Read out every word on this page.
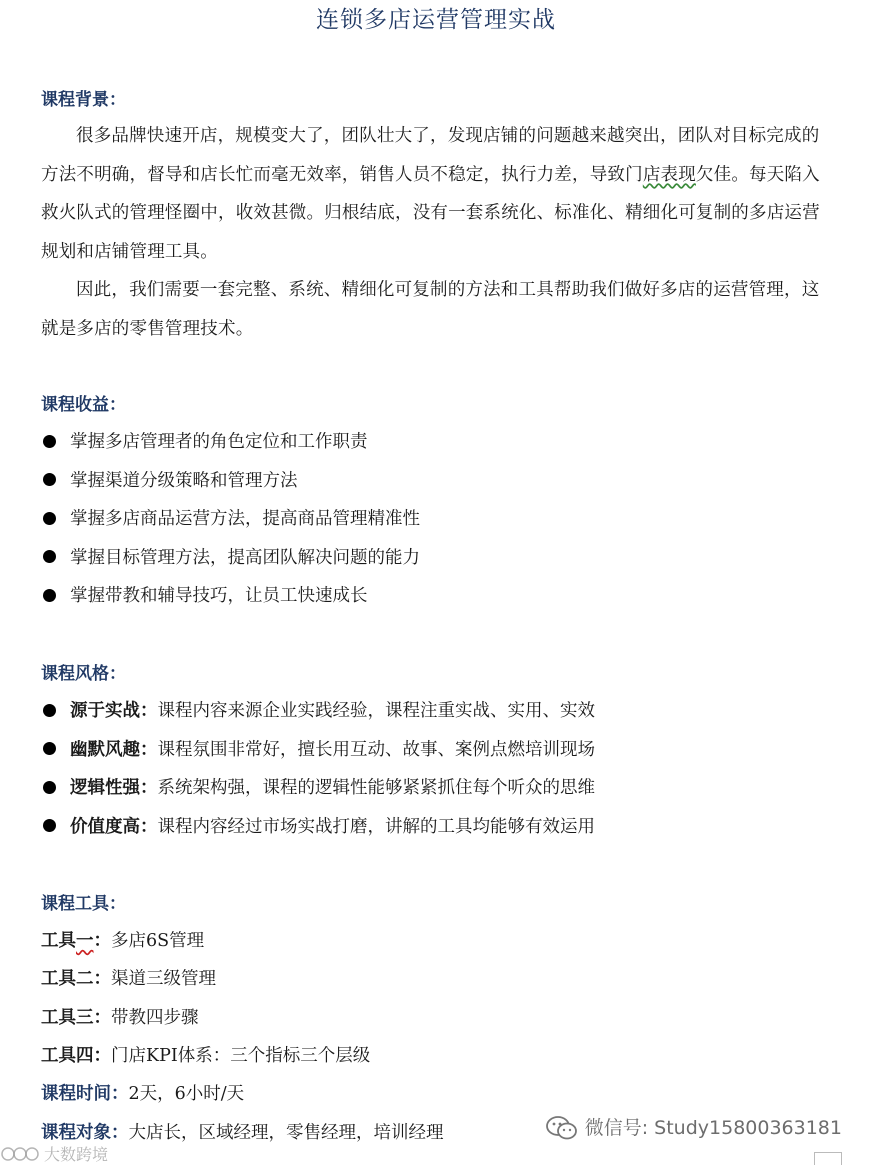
连锁多店运营管理实战
课程背景：

很多品牌快速开店，规模变大了，团队壮大了，发现店铺的问题越来越突出，团队对目标完成的方法不明确，督导和店长忙而毫无效率，销售人员不稳定，执行力差，导致门店表现欠佳。每天陷入救火队式的管理怪圈中，收效甚微。归根结底，没有一套系统化、标准化、精细化可复制的多店运营规划和店铺管理工具。

因此，我们需要一套完整、系统、精细化可复制的方法和工具帮助我们做好多店的运营管理，这就是多店的零售管理技术。

课程收益：
掌握多店管理者的角色定位和工作职责
掌握渠道分级策略和管理方法
掌握多店商品运营方法，提高商品管理精准性
掌握目标管理方法，提高团队解决问题的能力
掌握带教和辅导技巧，让员工快速成长
课程风格：
源于实战：课程内容来源企业实践经验，课程注重实战、实用、实效
幽默风趣：课程氛围非常好，擅长用互动、故事、案例点燃培训现场
逻辑性强：系统架构强，课程的逻辑性能够紧紧抓住每个听众的思维
价值度高：课程内容经过市场实战打磨，讲解的工具均能够有效运用
课程工具：
工具一：多店6S管理
工具二：渠道三级管理
工具三：带教四步骤
工具四：门店KPI体系：三个指标三个层级
课程时间：2天，6小时/天
课程对象：大店长，区域经理，零售经理，培训经理	微信号: Study15800363181
大数跨境
